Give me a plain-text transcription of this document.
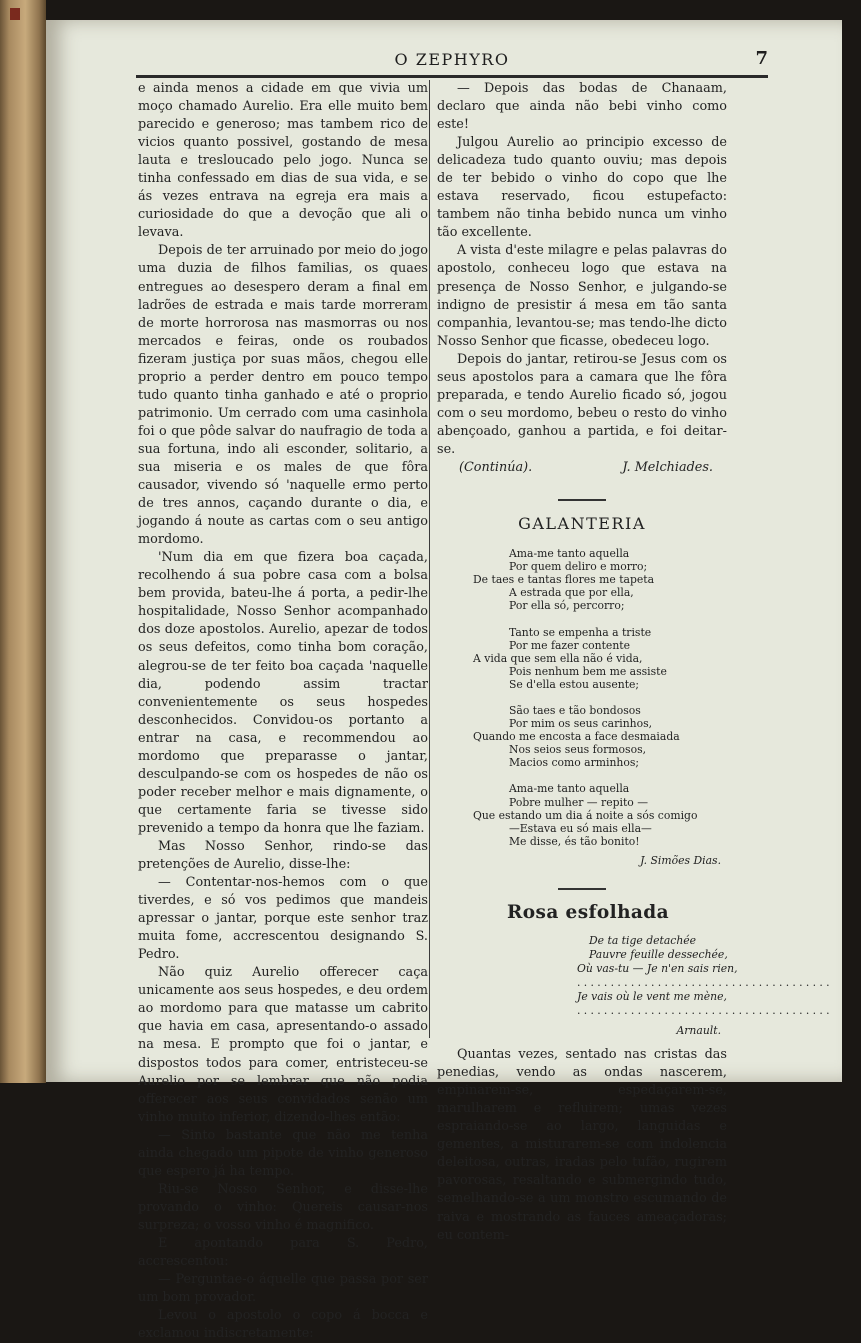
O ZEPHYRO	7

e ainda menos a cidade em que vivia um moço chamado Aurelio. Era elle muito bem parecido e generoso; mas tambem rico de vicios quanto possivel, gostando de mesa lauta e tresloucado pelo jogo. Nunca se tinha confessado em dias de sua vida, e se ás vezes entrava na egreja era mais a curiosidade do que a devoção que ali o levava.

Depois de ter arruinado por meio do jogo uma duzia de filhos familias, os quaes entregues ao desespero deram a final em ladrões de estrada e mais tarde morreram de morte horrorosa nas masmorras ou nos mercados e feiras, onde os roubados fizeram justiça por suas mãos, chegou elle proprio a perder dentro em pouco tempo tudo quanto tinha ganhado e até o proprio patrimonio. Um cerrado com uma casinhola foi o que pôde salvar do naufragio de toda a sua fortuna, indo ali esconder, solitario, a sua miseria e os males de que fôra causador, vivendo só 'naquelle ermo perto de tres annos, caçando durante o dia, e jogando á noute as cartas com o seu antigo mordomo.

'Num dia em que fizera boa caçada, recolhendo á sua pobre casa com a bolsa bem provida, bateu-lhe á porta, a pedir-lhe hospitalidade, Nosso Senhor acompanhado dos doze apostolos. Aurelio, apezar de todos os seus defeitos, como tinha bom coração, alegrou-se de ter feito boa caçada 'naquelle dia, podendo assim tractar convenientemente os seus hospedes desconhecidos. Convidou-os portanto a entrar na casa, e recommendou ao mordomo que preparasse o jantar, desculpando-se com os hospedes de não os poder receber melhor e mais dignamente, o que certamente faria se tivesse sido prevenido a tempo da honra que lhe faziam.

Mas Nosso Senhor, rindo-se das pretenções de Aurelio, disse-lhe:

— Contentar-nos-hemos com o que tiverdes, e só vos pedimos que mandeis apressar o jantar, porque este senhor traz muita fome, accrescentou designando S. Pedro.

Não quiz Aurelio offerecer caça unicamente aos seus hospedes, e deu ordem ao mordomo para que matasse um cabrito que havia em casa, apresentando-o assado na mesa. E prompto que foi o jantar, e dispostos todos para comer, entristeceu-se Aurelio por se lembrar que não podia offerecer aos seus convidados senão um vinho muito inferior, dizendo-lhes então:

— Sinto bastante que não me tenha ainda chegado um pipote de vinho generoso que espero já ha tempo.

Riu-se Nosso Senhor, e disse-lhe provando o vinho: Quereis causar-nos surpreza; o vosso vinho é magnifico.

E apontando para S. Pedro, accrescentou:

— Perguntae-o áquelle que passa por ser um bom provador.

Levou o apostolo o copo á bocca e exclamou indiscretamente:

— Depois das bodas de Chanaam, declaro que ainda não bebi vinho como este!

Julgou Aurelio ao principio excesso de delicadeza tudo quanto ouviu; mas depois de ter bebido o vinho do copo que lhe estava reservado, ficou estupefacto: tambem não tinha bebido nunca um vinho tão excellente.

A vista d'este milagre e pelas palavras do apostolo, conheceu logo que estava na presença de Nosso Senhor, e julgando-se indigno de presistir á mesa em tão santa companhia, levantou-se; mas tendo-lhe dicto Nosso Senhor que ficasse, obedeceu logo.

Depois do jantar, retirou-se Jesus com os seus apostolos para a camara que lhe fôra preparada, e tendo Aurelio ficado só, jogou com o seu mordomo, bebeu o resto do vinho abençoado, ganhou a partida, e foi deitar-se.

(Continúa).	J. Melchiades.
GALANTERIA
Ama-me tanto aquella
Por quem deliro e morro;
De taes e tantas flores me tapeta
A estrada que por ella,
Por ella só, percorro;
Tanto se empenha a triste
Por me fazer contente
A vida que sem ella não é vida,
Pois nenhum bem me assiste
Se d'ella estou ausente;
São taes e tão bondosos
Por mim os seus carinhos,
Quando me encosta a face desmaiada
Nos seios seus formosos,
Macios como arminhos;
Ama-me tanto aquella
Pobre mulher — repito —
Que estando um dia á noite a sós comigo
—Estava eu só mais ella—
Me disse, és tão bonito!
J. Simões Dias.
Rosa esfolhada
De ta tige detachée
Pauvre feuille dessechée,
Où vas-tu — Je n'en sais rien,
......................................
Je vais où le vent me mène,
......................................
Arnault.

Quantas vezes, sentado nas cristas das penedias, vendo as ondas nascerem, empinarem-se, espedaçarem-se, marulharem e refluirem; umas vezes espraiando-se ao largo, languidas e gementes, a misturarem-se com indolencia deleitosa, outras, iradas pelo tufão, rugirem pavorosas, resaltando e submergindo tudo, semelhando-se a um monstro escumando de raiva e mostrando as fauces ameaçadoras; eu contem-
